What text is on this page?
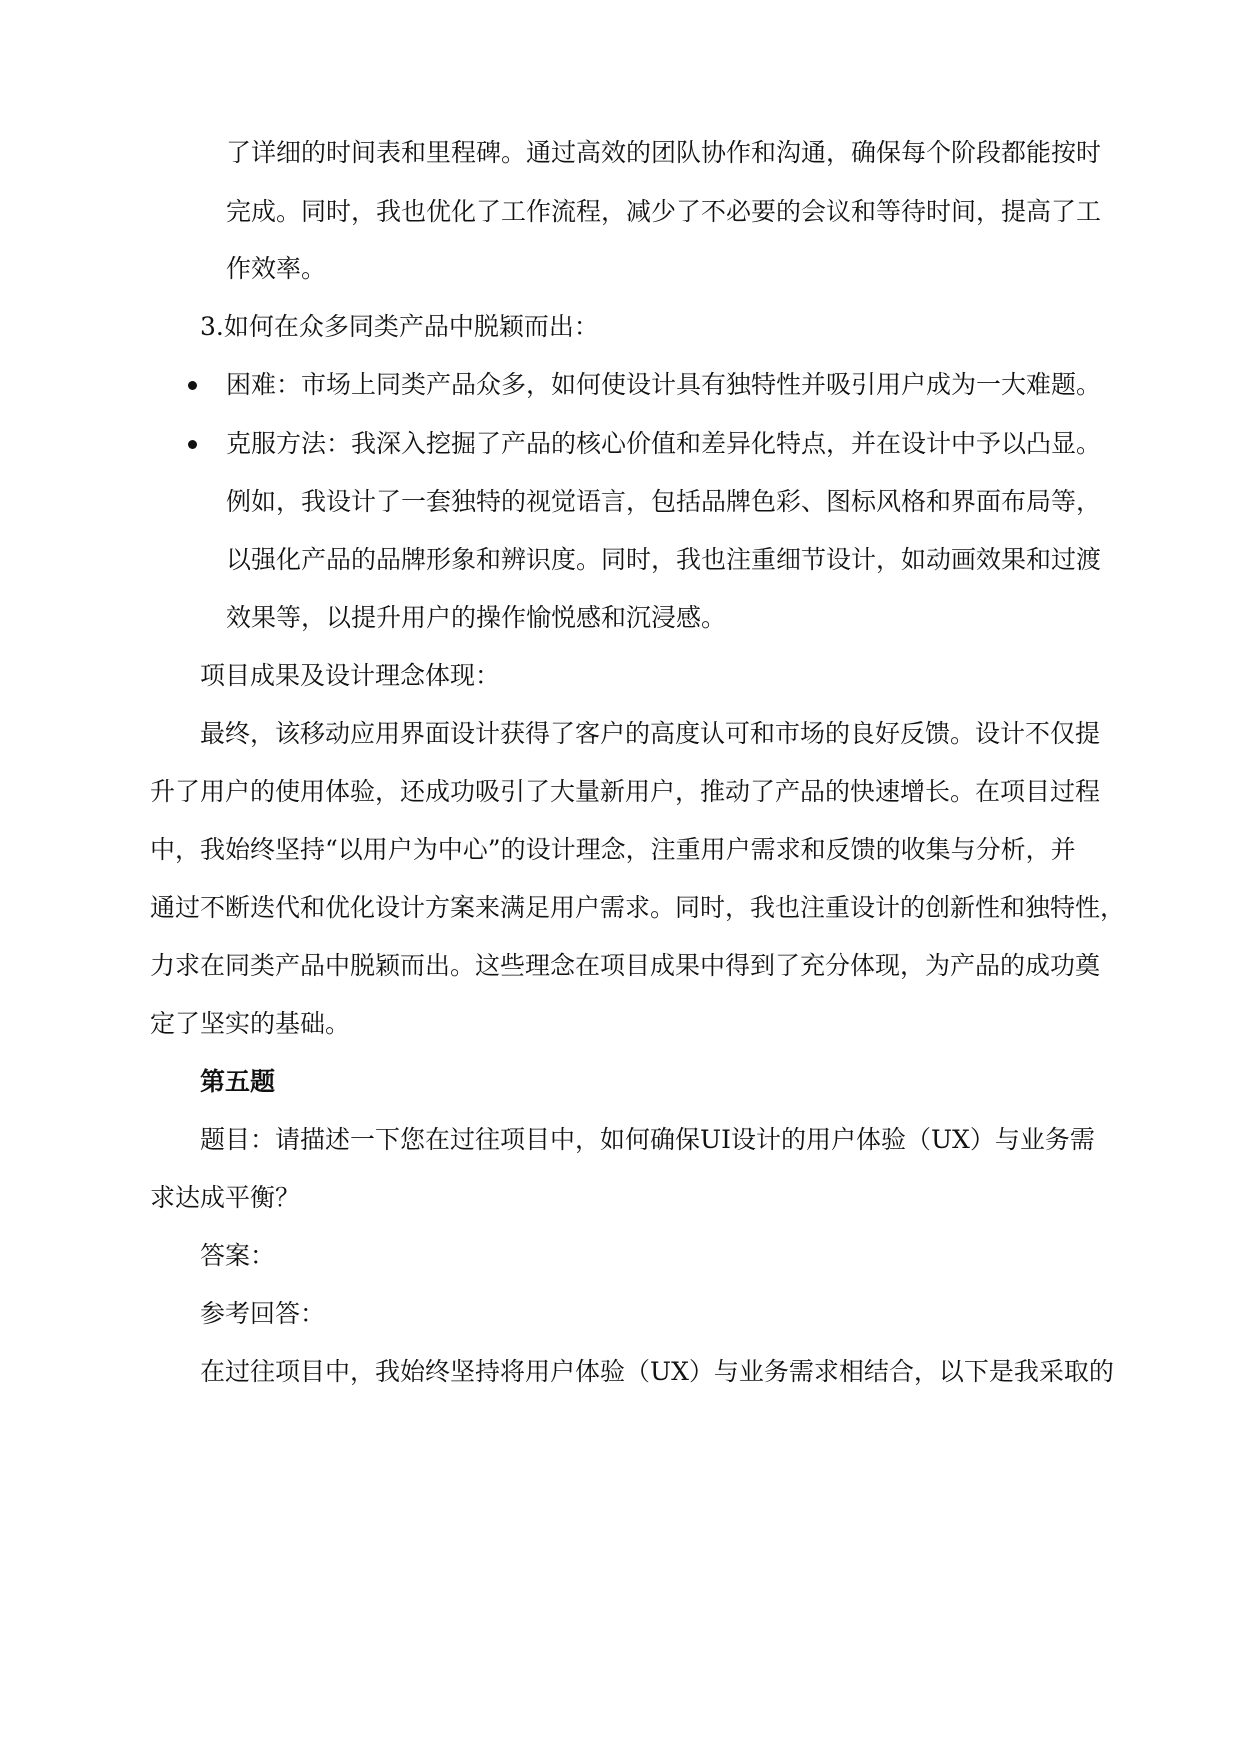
了详细的时间表和里程碑。通过高效的团队协作和沟通，确保每个阶段都能按时
完成。同时，我也优化了工作流程，减少了不必要的会议和等待时间，提高了工
作效率。
3.如何在众多同类产品中脱颖而出：
困难：市场上同类产品众多，如何使设计具有独特性并吸引用户成为一大难题。
克服方法：我深入挖掘了产品的核心价值和差异化特点，并在设计中予以凸显。
例如，我设计了一套独特的视觉语言，包括品牌色彩、图标风格和界面布局等，
以强化产品的品牌形象和辨识度。同时，我也注重细节设计，如动画效果和过渡
效果等，以提升用户的操作愉悦感和沉浸感。
项目成果及设计理念体现：
最终，该移动应用界面设计获得了客户的高度认可和市场的良好反馈。设计不仅提
升了用户的使用体验，还成功吸引了大量新用户，推动了产品的快速增长。在项目过程
中，我始终坚持“以用户为中心”的设计理念，注重用户需求和反馈的收集与分析，并
通过不断迭代和优化设计方案来满足用户需求。同时，我也注重设计的创新性和独特性，
力求在同类产品中脱颖而出。这些理念在项目成果中得到了充分体现，为产品的成功奠
定了坚实的基础。
第五题
题目：请描述一下您在过往项目中，如何确保UI设计的用户体验（UX）与业务需
求达成平衡？
答案：
参考回答：
在过往项目中，我始终坚持将用户体验（UX）与业务需求相结合，以下是我采取的
